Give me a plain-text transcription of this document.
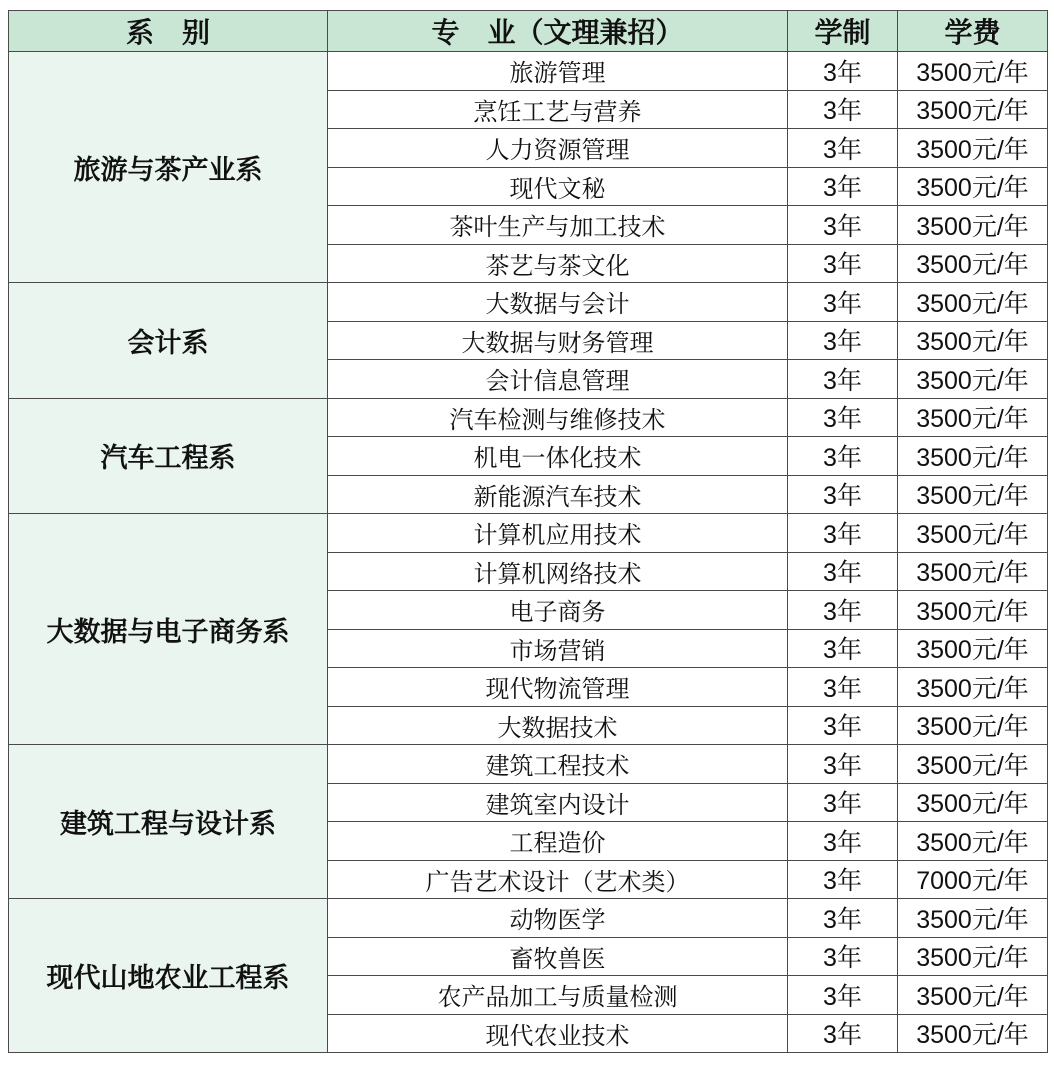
系　别	专　业（文理兼招）	学制	学费
旅游与茶产业系	旅游管理	3年	3500元/年
	烹饪工艺与营养	3年	3500元/年
	人力资源管理	3年	3500元/年
	现代文秘	3年	3500元/年
	茶叶生产与加工技术	3年	3500元/年
	茶艺与茶文化	3年	3500元/年
会计系	大数据与会计	3年	3500元/年
	大数据与财务管理	3年	3500元/年
	会计信息管理	3年	3500元/年
汽车工程系	汽车检测与维修技术	3年	3500元/年
	机电一体化技术	3年	3500元/年
	新能源汽车技术	3年	3500元/年
大数据与电子商务系	计算机应用技术	3年	3500元/年
	计算机网络技术	3年	3500元/年
	电子商务	3年	3500元/年
	市场营销	3年	3500元/年
	现代物流管理	3年	3500元/年
	大数据技术	3年	3500元/年
建筑工程与设计系	建筑工程技术	3年	3500元/年
	建筑室内设计	3年	3500元/年
	工程造价	3年	3500元/年
	广告艺术设计（艺术类）	3年	7000元/年
现代山地农业工程系	动物医学	3年	3500元/年
	畜牧兽医	3年	3500元/年
	农产品加工与质量检测	3年	3500元/年
	现代农业技术	3年	3500元/年
